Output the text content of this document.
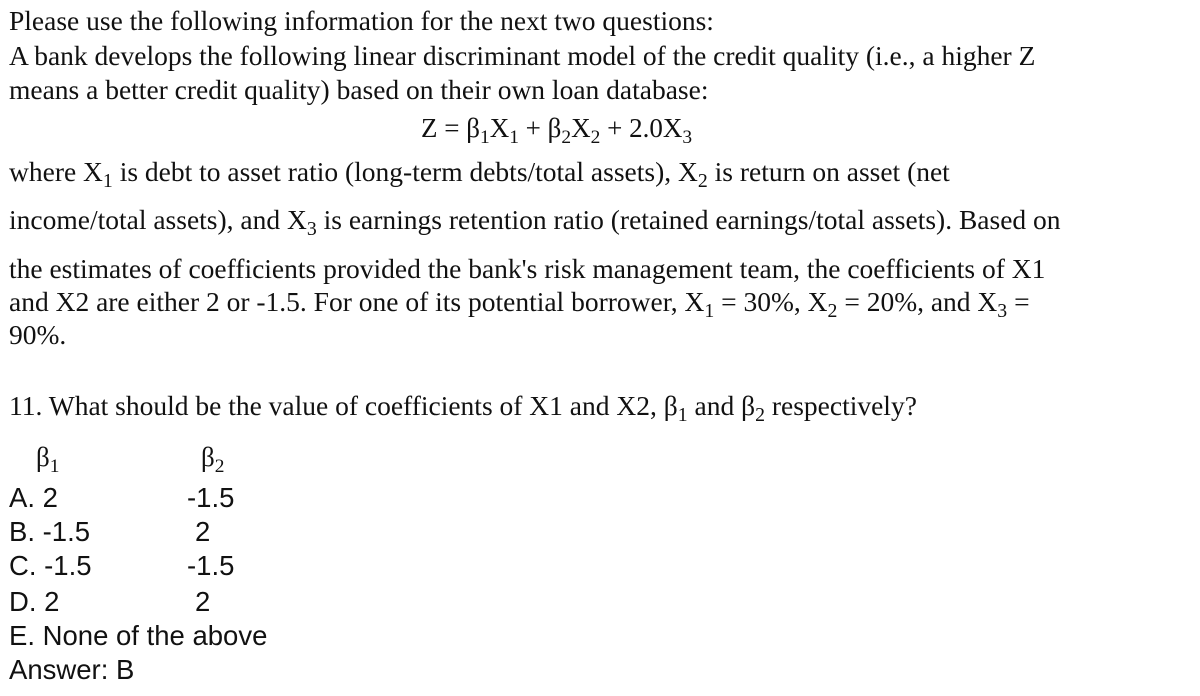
Please use the following information for the next two questions:
A bank develops the following linear discriminant model of the credit quality (i.e., a higher Z
means a better credit quality) based on their own loan database:
$Z = \beta_1X_1 + \beta_2X_2 + 2.0X_3$
where $X_1$ is debt to asset ratio (long-term debts/total assets), $X_2$ is return on asset (net
income/total assets), and $X_3$ is earnings retention ratio (retained earnings/total assets). Based on
the estimates of coefficients provided the bank's risk management team, the coefficients of X1
and X2 are either 2 or -1.5. For one of its potential borrower, $X_1 = 30\%$, $X_2 = 20\%$, and $X_3$ =
90%.
11. What should be the value of coefficients of X1 and X2, $\beta_1$ and $\beta_2$ respectively?
$\beta_1$	$\beta_2$
A. 2	-1.5
B. -1.5	2
C. -1.5	-1.5
D. 2	2
E. None of the above
Answer: B
